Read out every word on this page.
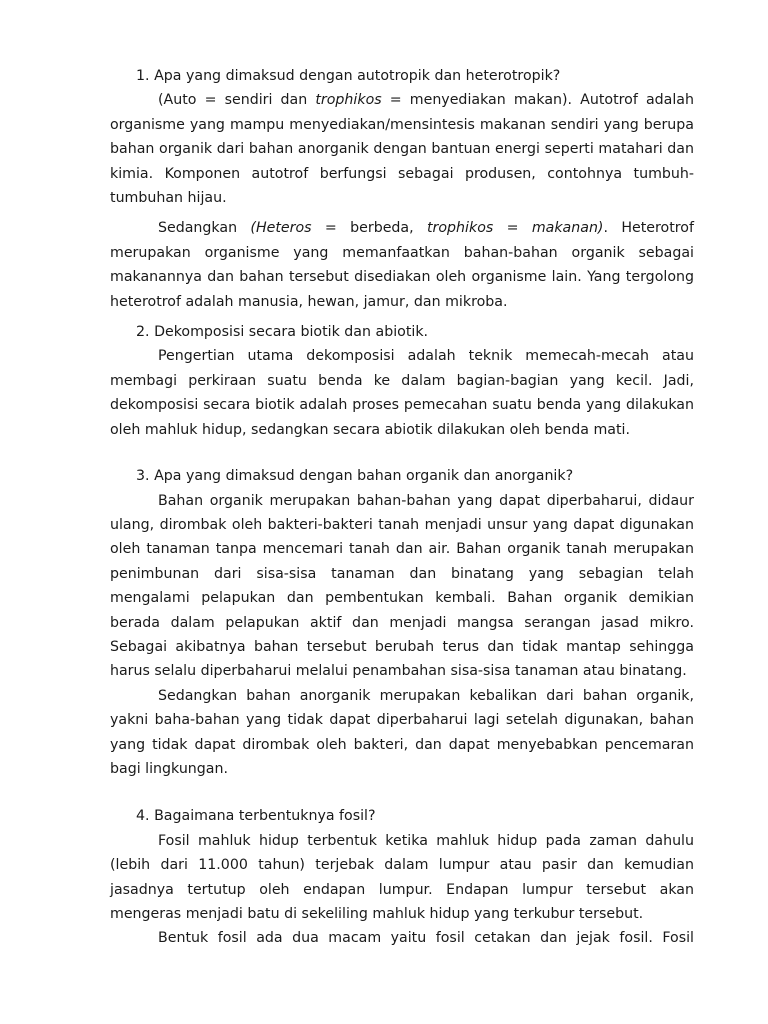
1. Apa yang dimaksud dengan autotropik dan heterotropik?

(Auto = sendiri dan trophikos = menyediakan makan). Autotrof adalah organisme yang mampu menyediakan/mensintesis makanan sendiri yang berupa bahan organik dari bahan anorganik dengan bantuan energi seperti matahari dan kimia. Komponen autotrof berfungsi sebagai produsen, contohnya tumbuh-tumbuhan hijau.

Sedangkan (Heteros = berbeda, trophikos = makanan). Heterotrof merupakan organisme yang memanfaatkan bahan-bahan organik sebagai makanannya dan bahan tersebut disediakan oleh organisme lain. Yang tergolong heterotrof adalah manusia, hewan, jamur, dan mikroba.

2. Dekomposisi secara biotik dan abiotik.

Pengertian utama dekomposisi adalah teknik memecah-mecah atau membagi perkiraan suatu benda ke dalam bagian-bagian yang kecil. Jadi, dekomposisi secara biotik adalah proses pemecahan suatu benda yang dilakukan oleh mahluk hidup, sedangkan secara abiotik dilakukan oleh benda mati.

3. Apa yang dimaksud dengan bahan organik dan anorganik?

Bahan organik merupakan bahan-bahan yang dapat diperbaharui, didaur ulang, dirombak oleh bakteri-bakteri tanah menjadi unsur yang dapat digunakan oleh tanaman tanpa mencemari tanah dan air. Bahan organik tanah merupakan penimbunan dari sisa-sisa tanaman dan binatang yang sebagian telah mengalami pelapukan dan pembentukan kembali. Bahan organik demikian berada dalam pelapukan aktif dan menjadi mangsa serangan jasad mikro. Sebagai akibatnya bahan tersebut berubah terus dan tidak mantap sehingga harus selalu diperbaharui melalui penambahan sisa-sisa tanaman atau binatang.

Sedangkan bahan anorganik merupakan kebalikan dari bahan organik, yakni baha-bahan yang tidak dapat diperbaharui lagi setelah digunakan, bahan yang tidak dapat dirombak oleh bakteri, dan dapat menyebabkan pencemaran bagi lingkungan.

4. Bagaimana terbentuknya fosil?

Fosil mahluk hidup terbentuk ketika mahluk hidup pada zaman dahulu (lebih dari 11.000 tahun) terjebak dalam lumpur atau pasir dan kemudian jasadnya tertutup oleh endapan lumpur. Endapan lumpur tersebut akan mengeras menjadi batu di sekeliling mahluk hidup yang terkubur tersebut.

Bentuk fosil ada dua macam yaitu fosil cetakan dan jejak fosil. Fosil
